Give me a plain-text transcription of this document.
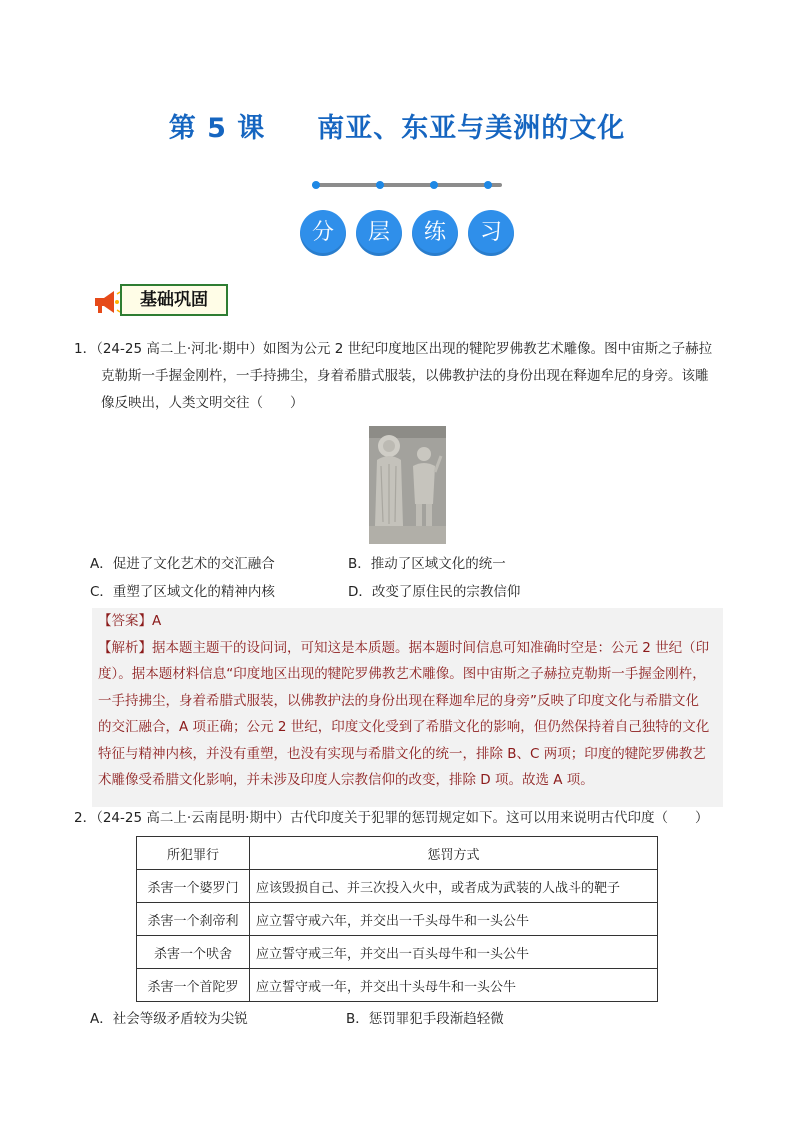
第 5 课 南亚、东亚与美洲的文化
分	层	练	习
基础巩固

1．（24-25 高二上·河北·期中）如图为公元 2 世纪印度地区出现的犍陀罗佛教艺术雕像。图中宙斯之子赫拉

克勒斯一手握金刚杵，一手持拂尘，身着希腊式服装，以佛教护法的身份出现在释迦牟尼的身旁。该雕

像反映出，人类文明交往（　　）

A．促进了文化艺术的交汇融合	B．推动了区域文化的统一
C．重塑了区域文化的精神内核	D．改变了原住民的宗教信仰

【答案】A

【解析】据本题主题干的设问词，可知这是本质题。据本题时间信息可知准确时空是：公元 2 世纪（印

度）。据本题材料信息“印度地区出现的犍陀罗佛教艺术雕像。图中宙斯之子赫拉克勒斯一手握金刚杵，

一手持拂尘，身着希腊式服装，以佛教护法的身份出现在释迦牟尼的身旁”反映了印度文化与希腊文化

的交汇融合，A 项正确；公元 2 世纪，印度文化受到了希腊文化的影响，但仍然保持着自己独特的文化

特征与精神内核，并没有重塑，也没有实现与希腊文化的统一，排除 B、C 两项；印度的犍陀罗佛教艺

术雕像受希腊文化影响，并未涉及印度人宗教信仰的改变，排除 D 项。故选 A 项。

2．（24-25 高二上·云南昆明·期中）古代印度关于犯罪的惩罚规定如下。这可以用来说明古代印度（　　）

所犯罪行	惩罚方式
杀害一个婆罗门	应该毁损自己、并三次投入火中，或者成为武装的人战斗的靶子
杀害一个刹帝利	应立誓守戒六年，并交出一千头母牛和一头公牛
杀害一个吠舍	应立誓守戒三年，并交出一百头母牛和一头公牛
杀害一个首陀罗	应立誓守戒一年，并交出十头母牛和一头公牛
A．社会等级矛盾较为尖锐	B．惩罚罪犯手段渐趋轻微
